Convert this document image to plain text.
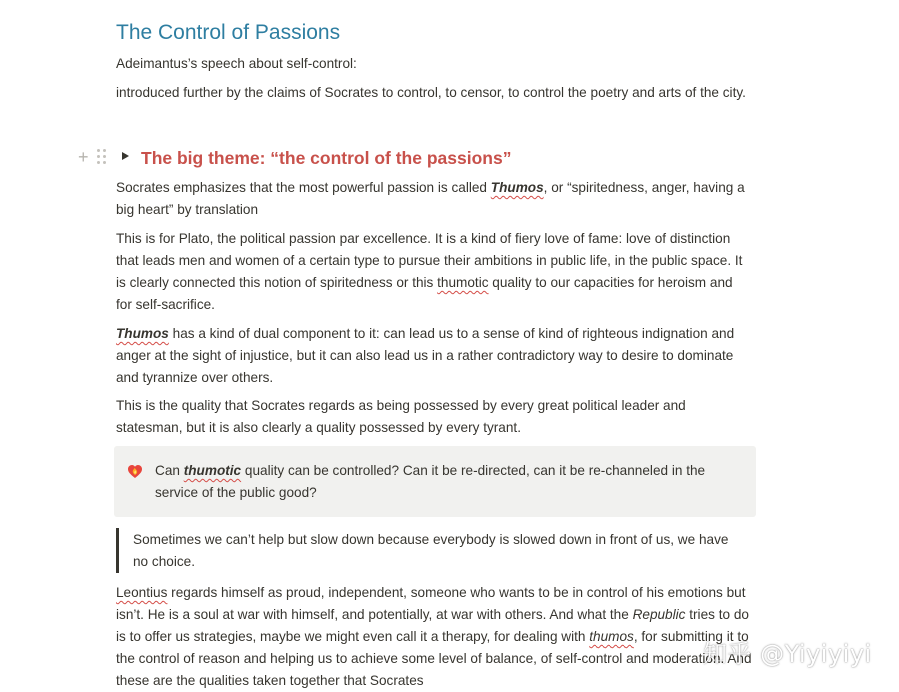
The Control of Passions

Adeimantus’s speech about self-control:

introduced further by the claims of Socrates to control, to censor, to control the poetry and arts of the city.

+	The big theme: “the control of the passions”

Socrates emphasizes that the most powerful passion is called Thumos, or “spiritedness, anger, having a big heart” by translation

This is for Plato, the political passion par excellence. It is a kind of fiery love of fame: love of distinction that leads men and women of a certain type to pursue their ambitions in public life, in the public space. It is clearly connected this notion of spiritedness or this thumotic quality to our capacities for heroism and for self-sacrifice.

Thumos has a kind of dual component to it: can lead us to a sense of kind of righteous indignation and anger at the sight of injustice, but it can also lead us in a rather contradictory way to desire to dominate and tyrannize over others.

This is the quality that Socrates regards as being possessed by every great political leader and statesman, but it is also clearly a quality possessed by every tyrant.

Can thumotic quality can be controlled? Can it be re-directed, can it be re-channeled in the service of the public good?

Sometimes we can’t help but slow down because everybody is slowed down in front of us, we have no choice.

Leontius regards himself as proud, independent, someone who wants to be in control of his emotions but isn’t. He is a soul at war with himself, and potentially, at war with others. And what the Republic tries to do is to offer us strategies, maybe we might even call it a therapy, for dealing with thumos, for submitting it to the control of reason and helping us to achieve some level of balance, of self-control and moderation. And these are the qualities taken together that Socrates

知乎 @Yiyiyiyi
